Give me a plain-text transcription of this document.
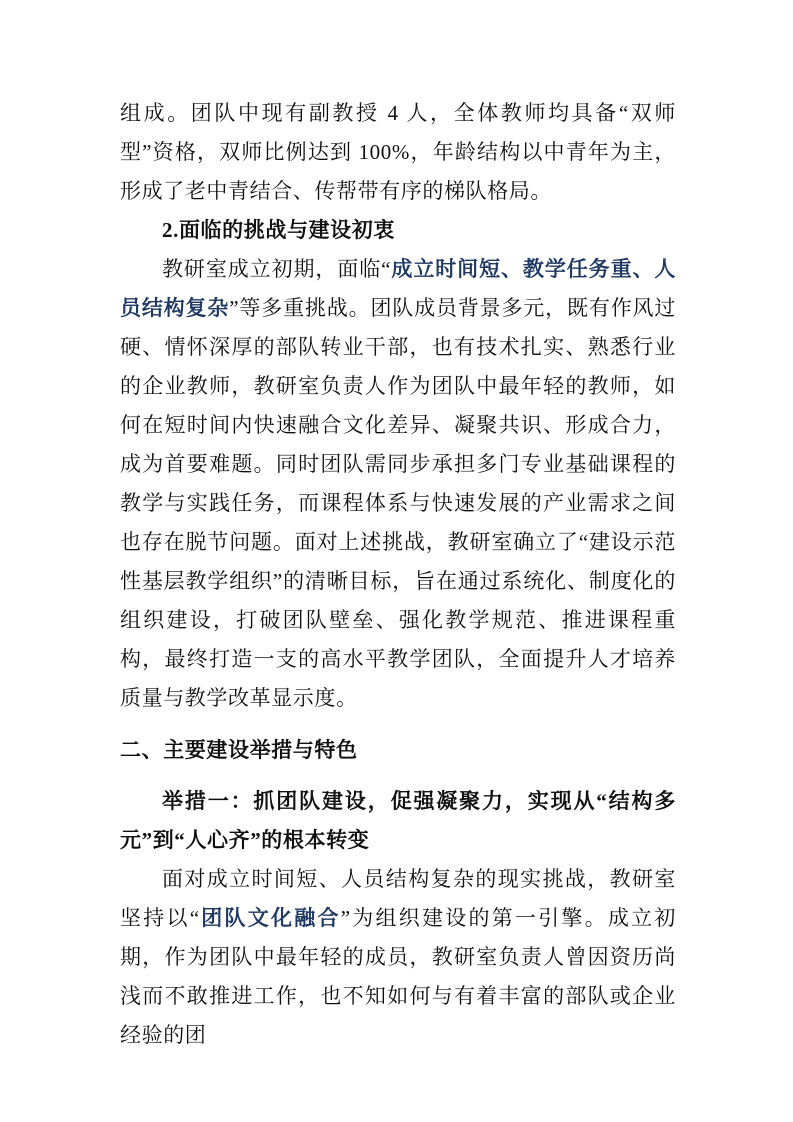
组成。团队中现有副教授 4 人，全体教师均具备“双师型”资格，双师比例达到 100%，年龄结构以中青年为主，形成了老中青结合、传帮带有序的梯队格局。

2.面临的挑战与建设初衷

教研室成立初期，面临“成立时间短、教学任务重、人员结构复杂”等多重挑战。团队成员背景多元，既有作风过硬、情怀深厚的部队转业干部，也有技术扎实、熟悉行业的企业教师，教研室负责人作为团队中最年轻的教师，如何在短时间内快速融合文化差异、凝聚共识、形成合力，成为首要难题。同时团队需同步承担多门专业基础课程的教学与实践任务，而课程体系与快速发展的产业需求之间也存在脱节问题。面对上述挑战，教研室确立了“建设示范性基层教学组织”的清晰目标，旨在通过系统化、制度化的组织建设，打破团队壁垒、强化教学规范、推进课程重构，最终打造一支的高水平教学团队，全面提升人才培养质量与教学改革显示度。

二、主要建设举措与特色

举措一：抓团队建设，促强凝聚力，实现从“结构多元”到“人心齐”的根本转变

面对成立时间短、人员结构复杂的现实挑战，教研室坚持以“团队文化融合”为组织建设的第一引擎。成立初期，作为团队中最年轻的成员，教研室负责人曾因资历尚浅而不敢推进工作，也不知如何与有着丰富的部队或企业经验的团
